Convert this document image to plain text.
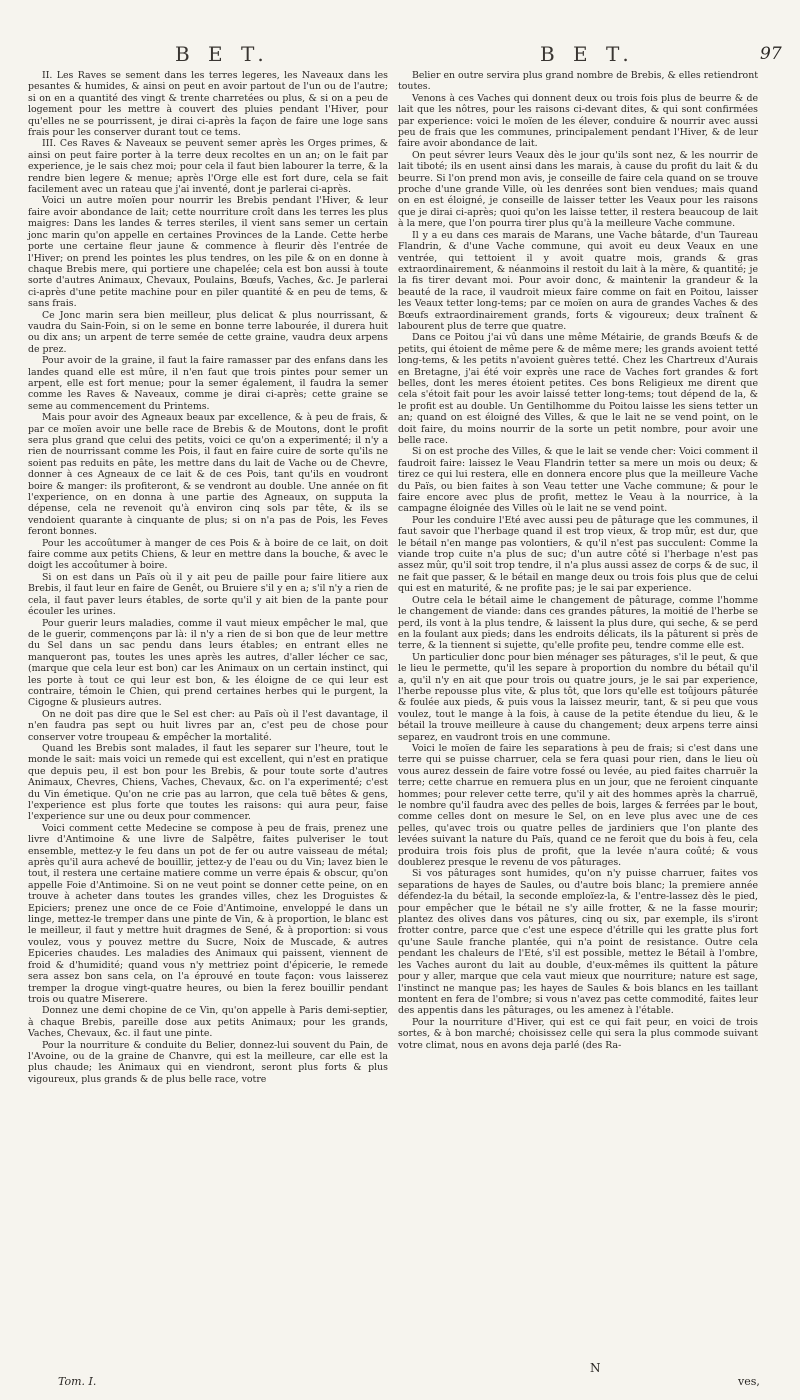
B E T.	B E T.	97

II. Les Raves se sement dans les terres legeres, les Naveaux dans les pesantes & humides, & ainsi on peut en avoir partout de l'un ou de l'autre; si on en a quantité des vingt & trente charretées ou plus, & si on a peu de logement pour les mettre à couvert des pluies pendant l'Hiver, pour qu'elles ne se pourrissent, je dirai ci-après la façon de faire une loge sans frais pour les conserver durant tout ce tems.

III. Ces Raves & Naveaux se peuvent semer après les Orges primes, & ainsi on peut faire porter à la terre deux recoltes en un an; on le fait par experience, je le sais chez moi; pour cela il faut bien labourer la terre, & la rendre bien legere & menue; après l'Orge elle est fort dure, cela se fait facilement avec un rateau que j'ai inventé, dont je parlerai ci-après.

Voici un autre moïen pour nourrir les Brebis pendant l'Hiver, & leur faire avoir abondance de lait; cette nourriture croît dans les terres les plus maigres: Dans les landes & terres steriles, il vient sans semer un certain jonc marin qu'on appelle en certaines Provinces de la Lande. Cette herbe porte une certaine fleur jaune & commence à fleurir dès l'entrée de l'Hiver; on prend les pointes les plus tendres, on les pile & on en donne à chaque Brebis mere, qui portiere une chapelée; cela est bon aussi à toute sorte d'autres Animaux, Chevaux, Poulains, Bœufs, Vaches, &c. Je parlerai ci-après d'une petite machine pour en piler quantité & en peu de tems, & sans frais.

Ce Jonc marin sera bien meilleur, plus delicat & plus nourrissant, & vaudra du Sain-Foin, si on le seme en bonne terre labourée, il durera huit ou dix ans; un arpent de terre semée de cette graine, vaudra deux arpens de prez.

Pour avoir de la graine, il faut la faire ramasser par des enfans dans les landes quand elle est mûre, il n'en faut que trois pintes pour semer un arpent, elle est fort menue; pour la semer également, il faudra la semer comme les Raves & Naveaux, comme je dirai ci-après; cette graine se seme au commencement du Printems.

Mais pour avoir des Agneaux beaux par excellence, & à peu de frais, & par ce moïen avoir une belle race de Brebis & de Moutons, dont le profit sera plus grand que celui des petits, voici ce qu'on a experimenté; il n'y a rien de nourrissant comme les Pois, il faut en faire cuire de sorte qu'ils ne soient pas reduits en pâte, les mettre dans du lait de Vache ou de Chevre, donner à ces Agneaux de ce lait & de ces Pois, tant qu'ils en voudront boire & manger: ils profiteront, & se vendront au double. Une année on fit l'experience, on en donna à une partie des Agneaux, on supputa la dépense, cela ne revenoit qu'à environ cinq sols par tête, & ils se vendoient quarante à cinquante de plus; si on n'a pas de Pois, les Feves feront bonnes.

Pour les accoûtumer à manger de ces Pois & à boire de ce lait, on doit faire comme aux petits Chiens, & leur en mettre dans la bouche, & avec le doigt les accoûtumer à boire.

Si on est dans un Païs où il y ait peu de paille pour faire litiere aux Brebis, il faut leur en faire de Genêt, ou Bruiere s'il y en a; s'il n'y a rien de cela, il faut paver leurs étables, de sorte qu'il y ait bien de la pante pour écouler les urines.

Pour guerir leurs maladies, comme il vaut mieux empêcher le mal, que de le guerir, commençons par là: il n'y a rien de si bon que de leur mettre du Sel dans un sac pendu dans leurs étables; en entrant elles ne manqueront pas, toutes les unes après les autres, d'aller lécher ce sac, (marque que cela leur est bon) car les Animaux on un certain instinct, qui les porte à tout ce qui leur est bon, & les éloigne de ce qui leur est contraire, témoin le Chien, qui prend certaines herbes qui le purgent, la Cigogne & plusieurs autres.

On ne doit pas dire que le Sel est cher: au Païs où il l'est davantage, il n'en faudra pas sept ou huit livres par an, c'est peu de chose pour conserver votre troupeau & empêcher la mortalité.

Quand les Brebis sont malades, il faut les separer sur l'heure, tout le monde le sait: mais voici un remede qui est excellent, qui n'est en pratique que depuis peu, il est bon pour les Brebis, & pour toute sorte d'autres Animaux, Chevres, Chiens, Vaches, Chevaux, &c. on l'a experimenté; c'est du Vin émetique. Qu'on ne crie pas au larron, que cela tuë bêtes & gens, l'experience est plus forte que toutes les raisons: qui aura peur, faise l'experience sur une ou deux pour commencer.

Voici comment cette Medecine se compose à peu de frais, prenez une livre d'Antimoine & une livre de Salpêtre, faites pulveriser le tout ensemble, mettez-y le feu dans un pot de fer ou autre vaisseau de métal; après qu'il aura achevé de bouillir, jettez-y de l'eau ou du Vin; lavez bien le tout, il restera une certaine matiere comme un verre épais & obscur, qu'on appelle Foie d'Antimoine. Si on ne veut point se donner cette peine, on en trouve à acheter dans toutes les grandes villes, chez les Droguistes & Epiciers; prenez une once de ce Foie d'Antimoine, enveloppé le dans un linge, mettez-le tremper dans une pinte de Vin, & à proportion, le blanc est le meilleur, il faut y mettre huit dragmes de Sené, & à proportion: si vous voulez, vous y pouvez mettre du Sucre, Noix de Muscade, & autres Epiceries chaudes. Les maladies des Animaux qui paissent, viennent de froid & d'humidité; quand vous n'y mettriez point d'épicerie, le remede sera assez bon sans cela, on l'a éprouvé en toute façon: vous laisserez tremper la drogue vingt-quatre heures, ou bien la ferez bouillir pendant trois ou quatre Miserere.

Donnez une demi chopine de ce Vin, qu'on appelle à Paris demi-septier, à chaque Brebis, pareille dose aux petits Animaux; pour les grands, Vaches, Chevaux, &c. il faut une pinte.

Pour la nourriture & conduite du Belier, donnez-lui souvent du Pain, de l'Avoine, ou de la graine de Chanvre, qui est la meilleure, car elle est la plus chaude; les Animaux qui en viendront, seront plus forts & plus vigoureux, plus grands & de plus belle race, votre

Belier en outre servira plus grand nombre de Brebis, & elles retiendront toutes.

Venons à ces Vaches qui donnent deux ou trois fois plus de beurre & de lait que les nôtres, pour les raisons ci-devant dites, & qui sont confirmées par experience: voici le moïen de les élever, conduire & nourrir avec aussi peu de frais que les communes, principalement pendant l'Hiver, & de leur faire avoir abondance de lait.

On peut sévrer leurs Veaux dès le jour qu'ils sont nez, & les nourrir de lait tiboté; ils en usent ainsi dans les marais, à cause du profit du lait & du beurre. Si l'on prend mon avis, je conseille de faire cela quand on se trouve proche d'une grande Ville, où les denrées sont bien vendues; mais quand on en est éloigné, je conseille de laisser tetter les Veaux pour les raisons que je dirai ci-après; quoi qu'on les laisse tetter, il restera beaucoup de lait à la mere, que l'on pourra tirer plus qu'à la meilleure Vache commune.

Il y a eu dans ces marais de Marans, une Vache bâtarde, d'un Taureau Flandrin, & d'une Vache commune, qui avoit eu deux Veaux en une ventrée, qui tettoient il y avoit quatre mois, grands & gras extraordinairement, & néanmoins il restoit du lait à la mère, & quantité; je la fis tirer devant moi. Pour avoir donc, & maintenir la grandeur & la beauté de la race, il vaudroit mieux faire comme on fait en Poitou, laisser les Veaux tetter long-tems; par ce moïen on aura de grandes Vaches & des Bœufs extraordinairement grands, forts & vigoureux; deux traînent & labourent plus de terre que quatre.

Dans ce Poitou j'ai vû dans une même Métairie, de grands Bœufs & de petits, qui étoient de même pere & de même mere; les grands avoient tetté long-tems, & les petits n'avoient guères tetté. Chez les Chartreux d'Aurais en Bretagne, j'ai été voir exprès une race de Vaches fort grandes & fort belles, dont les meres étoient petites. Ces bons Religieux me dirent que cela s'étoit fait pour les avoir laissé tetter long-tems; tout dépend de la, & le profit est au double. Un Gentilhomme du Poitou laisse les siens tetter un an; quand on est éloigné des Villes, & que le lait ne se vend point, on le doit faire, du moins nourrir de la sorte un petit nombre, pour avoir une belle race.

Si on est proche des Villes, & que le lait se vende cher: Voici comment il faudroit faire: laissez le Veau Flandrin tetter sa mere un mois ou deux; & tirez ce qui lui restera, elle en donnera encore plus que la meilleure Vache du Païs, ou bien faites à son Veau tetter une Vache commune; & pour le faire encore avec plus de profit, mettez le Veau à la nourrice, à la campagne éloignée des Villes où le lait ne se vend point.

Pour les conduire l'Eté avec aussi peu de pâturage que les communes, il faut savoir que l'herbage quand il est trop vieux, & trop mûr, est dur, que le bétail n'en mange pas volontiers, & qu'il n'est pas succulent: Comme la viande trop cuite n'a plus de suc; d'un autre côté si l'herbage n'est pas assez mûr, qu'il soit trop tendre, il n'a plus aussi assez de corps & de suc, il ne fait que passer, & le bétail en mange deux ou trois fois plus que de celui qui est en maturité, & ne profite pas; je le sai par experience.

Outre cela le bétail aime le changement de pâturage, comme l'homme le changement de viande: dans ces grandes pâtures, la moitié de l'herbe se perd, ils vont à la plus tendre, & laissent la plus dure, qui seche, & se perd en la foulant aux pieds; dans les endroits délicats, ils la pâturent si près de terre, & la tiennent si sujette, qu'elle profite peu, tendre comme elle est.

Un particulier donc pour bien ménager ses pâturages, s'il le peut, & que le lieu le permette, qu'il les separe à proportion du nombre du bétail qu'il a, qu'il n'y en ait que pour trois ou quatre jours, je le sai par experience, l'herbe repousse plus vite, & plus tôt, que lors qu'elle est toûjours pâturée & foulée aux pieds, & puis vous la laissez meurir, tant, & si peu que vous voulez, tout le mange à la fois, à cause de la petite étendue du lieu, & le bétail la trouve meilleure à cause du changement; deux arpens terre ainsi separez, en vaudront trois en une commune.

Voici le moïen de faire les separations à peu de frais; si c'est dans une terre qui se puisse charruer, cela se fera quasi pour rien, dans le lieu où vous aurez dessein de faire votre fossé ou levée, au pied faites charruër la terre; cette charrue en remuera plus en un jour, que ne feroient cinquante hommes; pour relever cette terre, qu'il y ait des hommes après la charruë, le nombre qu'il faudra avec des pelles de bois, larges & ferrées par le bout, comme celles dont on mesure le Sel, on en leve plus avec une de ces pelles, qu'avec trois ou quatre pelles de jardiniers que l'on plante des levées suivant la nature du Païs, quand ce ne feroit que du bois à feu, cela produira trois fois plus de profit, que la levée n'aura coûté; & vous doublerez presque le revenu de vos pâturages.

Si vos pâturages sont humides, qu'on n'y puisse charruer, faites vos separations de hayes de Saules, ou d'autre bois blanc; la premiere année défendez-la du bétail, la seconde emploïez-la, & l'entre-lassez dès le pied, pour empêcher que le bétail ne s'y aille frotter, & ne la fasse mourir; plantez des olives dans vos pâtures, cinq ou six, par exemple, ils s'iront frotter contre, parce que c'est une espece d'étrille qui les gratte plus fort qu'une Saule franche plantée, qui n'a point de resistance. Outre cela pendant les chaleurs de l'Eté, s'il est possible, mettez le Bétail à l'ombre, les Vaches auront du lait au double, d'eux-mêmes ils quittent la pâture pour y aller, marque que cela vaut mieux que nourriture; nature est sage, l'instinct ne manque pas; les hayes de Saules & bois blancs en les taillant montent en fera de l'ombre; si vous n'avez pas cette commodité, faites leur des appentis dans les pâturages, ou les amenez à l'étable.

Pour la nourriture d'Hiver, qui est ce qui fait peur, en voici de trois sortes, & à bon marché; choisissez celle qui sera la plus commode suivant votre climat, nous en avons deja parlé (des Ra-

Tom. I.
N
ves,
